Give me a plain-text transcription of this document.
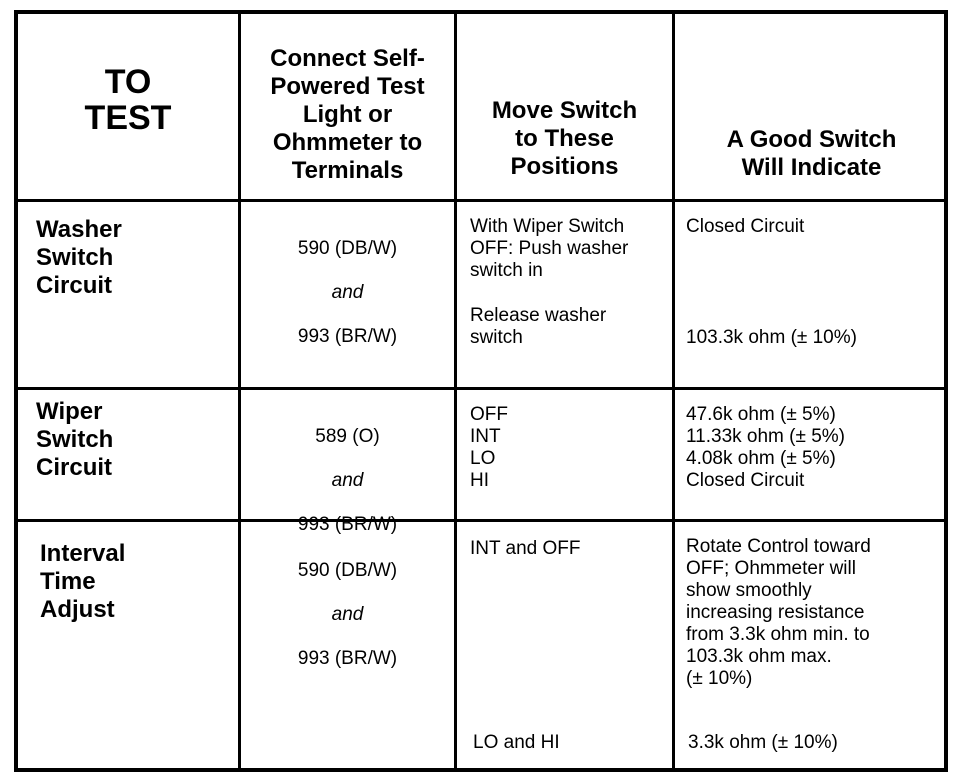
TO
TEST
Connect Self-
Powered Test
Light or
Ohmmeter to
Terminals
Move Switch
to These
Positions
A Good Switch
Will Indicate
Washer
Switch
Circuit

590 (DB/W)

and

993 (BR/W)

With Wiper Switch
OFF: Push washer
switch in
Release washer
switch
Closed Circuit
103.3k ohm (± 10%)
Wiper
Switch
Circuit

589 (O)

and

993 (BR/W)

OFF
INT
LO
HI
47.6k ohm (± 5%)
11.33k ohm (± 5%)
4.08k ohm (± 5%)
Closed Circuit
Interval
Time
Adjust

590 (DB/W)

and

993 (BR/W)

INT and OFF
LO and HI
Rotate Control toward
OFF; Ohmmeter will
show smoothly
increasing resistance
from 3.3k ohm min. to
103.3k ohm max.
(± 10%)
3.3k ohm (± 10%)
